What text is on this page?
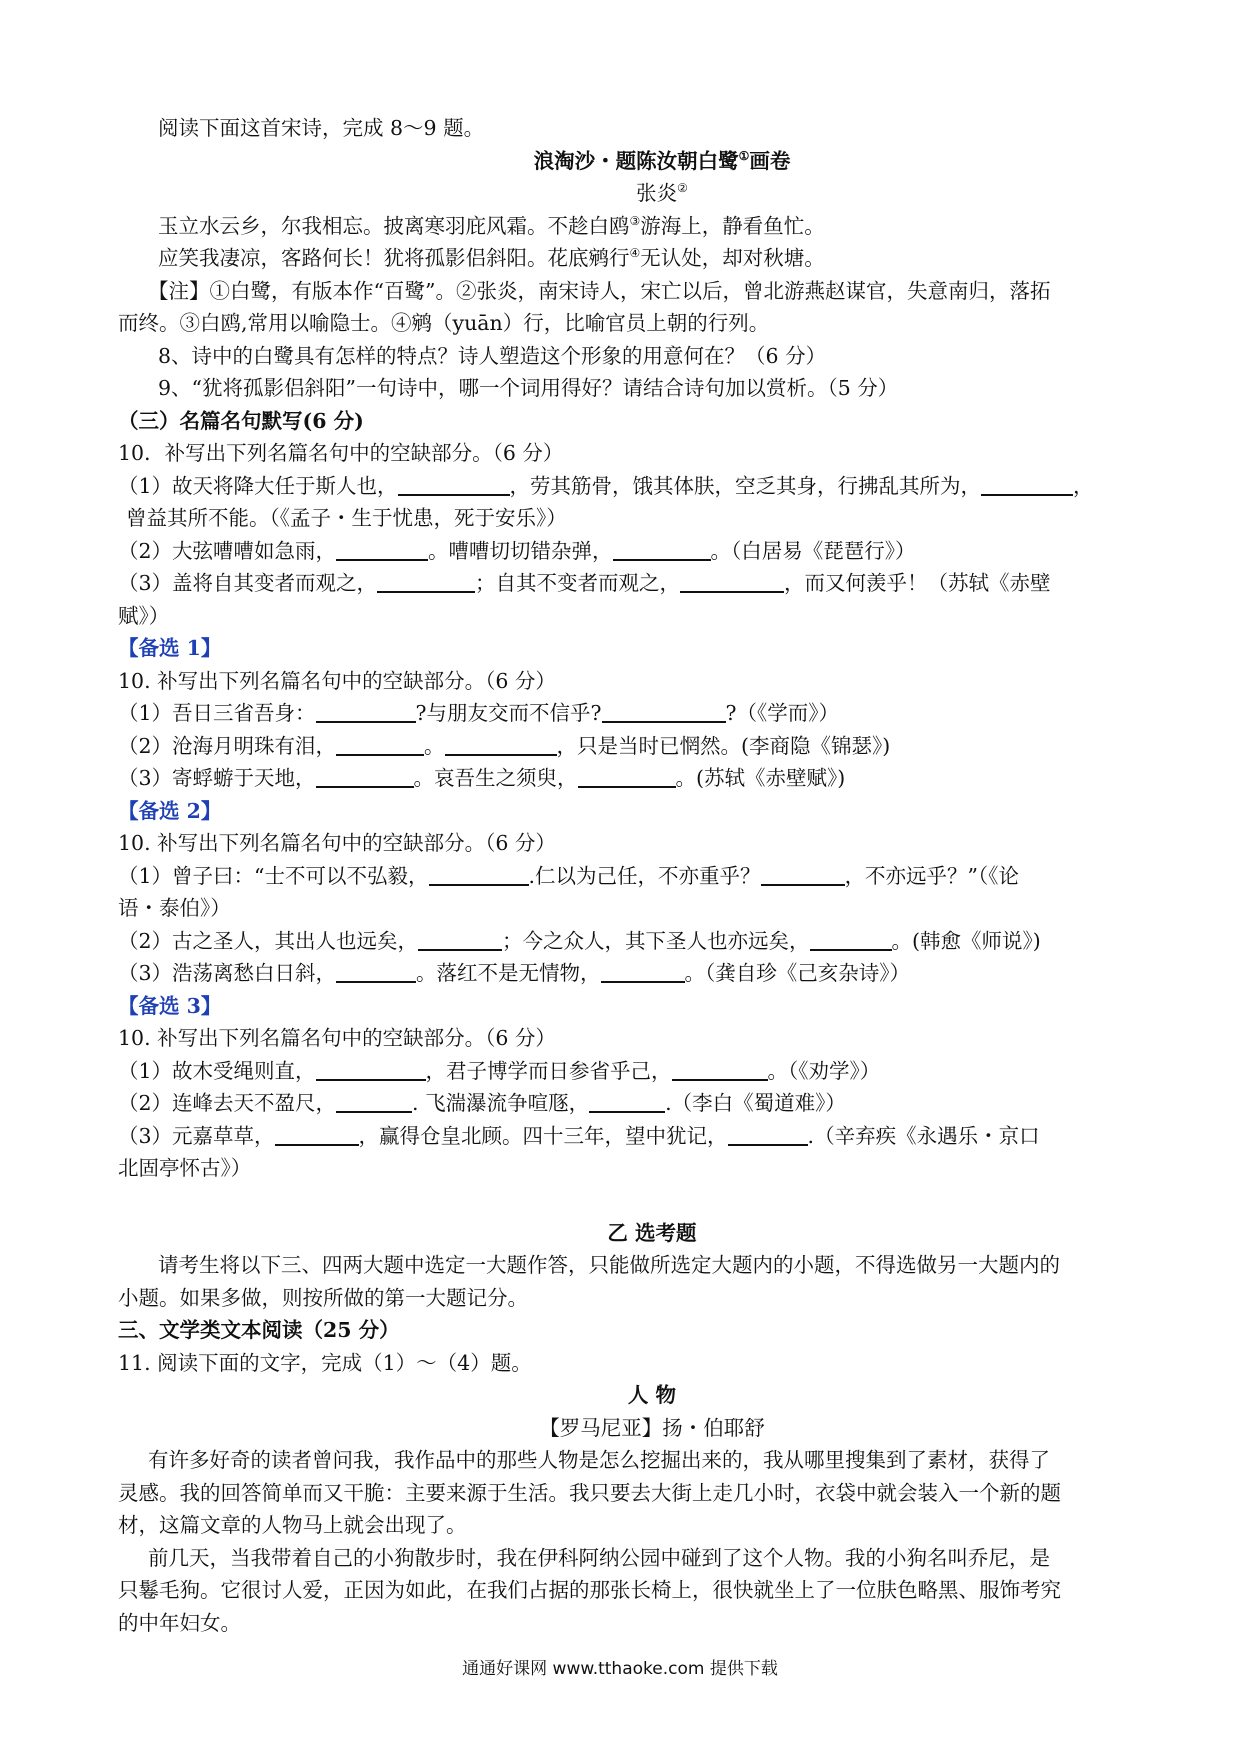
阅读下面这首宋诗，完成 8～9 题。

浪淘沙・题陈汝朝白鹭①画卷

张炎②

玉立水云乡，尔我相忘。披离寒羽庇风霜。不趁白鸥③游海上，静看鱼忙。

应笑我凄凉，客路何长！犹将孤影侣斜阳。花底鹓行④无认处，却对秋塘。

【注】①白鹭，有版本作“百鹭”。②张炎，南宋诗人，宋亡以后，曾北游燕赵谋官，失意南归，落拓

而终。③白鸥,常用以喻隐士。④鹓（yuān）行，比喻官员上朝的行列。

8、诗中的白鹭具有怎样的特点？诗人塑造这个形象的用意何在？（6 分）

9、“犹将孤影侣斜阳”一句诗中，哪一个词用得好？请结合诗句加以赏析。（5 分）

（三）名篇名句默写(6 分)

10．补写出下列名篇名句中的空缺部分。（6 分）

（1）故天将降大任于斯人也，	，劳其筋骨，饿其体肤，空乏其身，行拂乱其所为，	，

曾益其所不能。（《孟子・生于忧患，死于安乐》）

（2）大弦嘈嘈如急雨，	。嘈嘈切切错杂弹，	。（白居易《琵琶行》）

（3）盖将自其变者而观之，	；自其不变者而观之，	，而又何羡乎！（苏轼《赤壁

赋》）

【备选 1】

10. 补写出下列名篇名句中的空缺部分。（6 分）

（1）吾日三省吾身：	?与朋友交而不信乎?	?（《学而》）

（2）沧海月明珠有泪，	。	，只是当时已惘然。(李商隐《锦瑟》)

（3）寄蜉蝣于天地，	。哀吾生之须臾，	。(苏轼《赤壁赋》)

【备选 2】

10. 补写出下列名篇名句中的空缺部分。（6 分）

（1）曾子曰：“士不可以不弘毅，	.仁以为己任，不亦重乎？	，不亦远乎？”（《论

语・泰伯》）

（2）古之圣人，其出人也远矣，	；今之众人，其下圣人也亦远矣，	。(韩愈《师说》)

（3）浩荡离愁白日斜，	。落红不是无情物，	。（龚自珍《己亥杂诗》）

【备选 3】

10. 补写出下列名篇名句中的空缺部分。（6 分）

（1）故木受绳则直，	，君子博学而日参省乎己，	。（《劝学》）

（2）连峰去天不盈尺，	. 飞湍瀑流争喧豗，	.（李白《蜀道难》）

（3）元嘉草草，	，赢得仓皇北顾。四十三年，望中犹记，	.（辛弃疾《永遇乐・京口

北固亭怀古》）

乙 选考题

请考生将以下三、四两大题中选定一大题作答，只能做所选定大题内的小题，不得选做另一大题内的

小题。如果多做，则按所做的第一大题记分。

三、文学类文本阅读（25 分）

11. 阅读下面的文字，完成（1）～（4）题。

人 物

【罗马尼亚】扬・伯耶舒

有许多好奇的读者曾问我，我作品中的那些人物是怎么挖掘出来的，我从哪里搜集到了素材，获得了

灵感。我的回答简单而又干脆：主要来源于生活。我只要去大街上走几小时，衣袋中就会装入一个新的题

材，这篇文章的人物马上就会出现了。

前几天，当我带着自己的小狗散步时，我在伊科阿纳公园中碰到了这个人物。我的小狗名叫乔尼，是

只鬈毛狗。它很讨人爱，正因为如此，在我们占据的那张长椅上，很快就坐上了一位肤色略黑、服饰考究

的中年妇女。

通通好课网 www.tthaoke.com 提供下载
